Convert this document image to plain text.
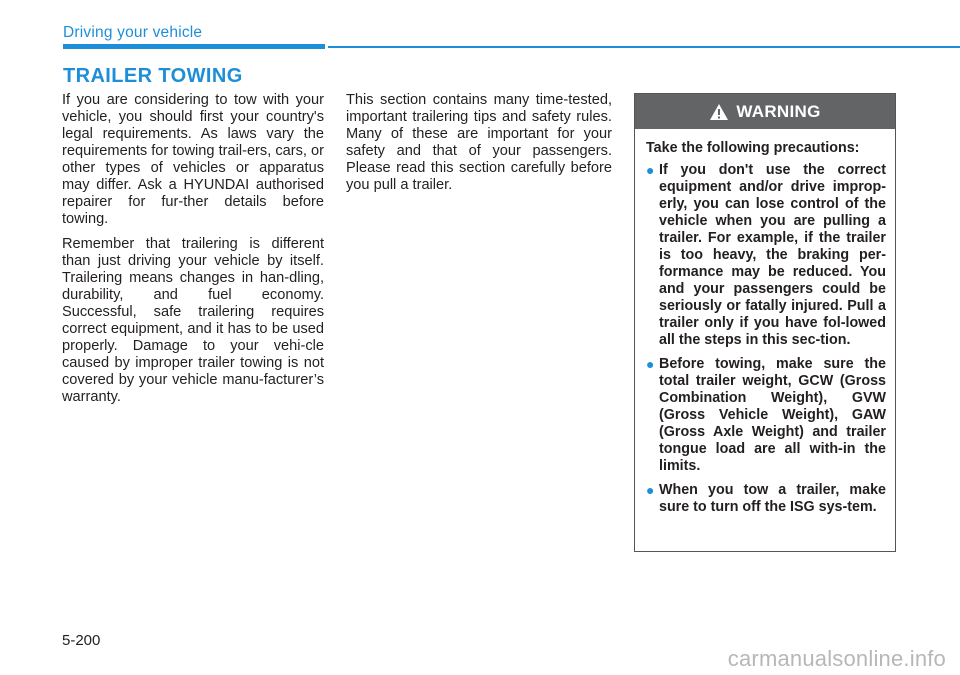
Driving your vehicle
TRAILER TOWING

If you are considering to tow with your vehicle, you should first your country's legal requirements. As laws vary the requirements for towing trail-ers, cars, or other types of vehicles or apparatus may differ. Ask a HYUNDAI authorised repairer for fur-ther details before towing.

Remember that trailering is different than just driving your vehicle by itself. Trailering means changes in han-dling, durability, and fuel economy. Successful, safe trailering requires correct equipment, and it has to be used properly. Damage to your vehi-cle caused by improper trailer towing is not covered by your vehicle manu-facturer’s warranty.

This section contains many time-tested, important trailering tips and safety rules. Many of these are important for your safety and that of your passengers. Please read this section carefully before you pull a trailer.

WARNING

Take the following precautions:

● If you don't use the correct equipment and/or drive improp-erly, you can lose control of the vehicle when you are pulling a trailer. For example, if the trailer is too heavy, the braking per-formance may be reduced. You and your passengers could be seriously or fatally injured. Pull a trailer only if you have fol-lowed all the steps in this sec-tion.
● Before towing, make sure the total trailer weight, GCW (Gross Combination Weight), GVW (Gross Vehicle Weight), GAW (Gross Axle Weight) and trailer tongue load are all with-in the limits.
● When you tow a trailer, make sure to turn off the ISG sys-tem.
5-200
carmanualsonline.info
